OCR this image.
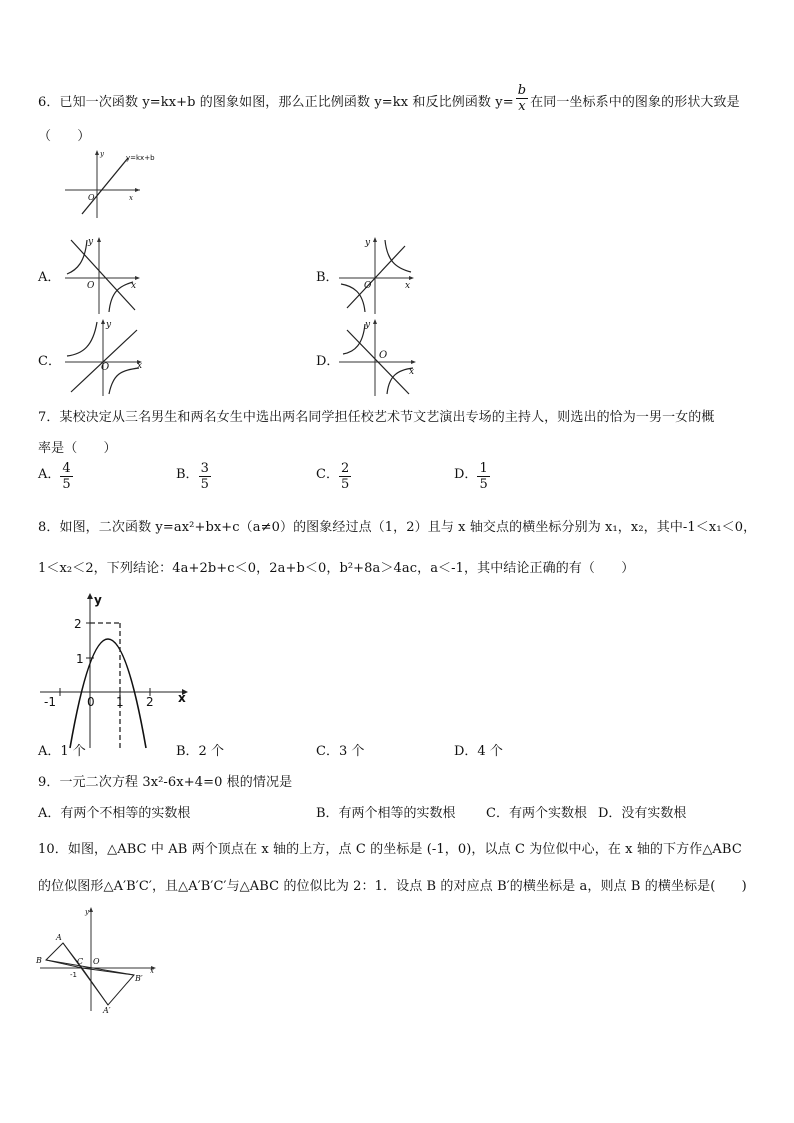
6．已知一次函数 y=kx+b 的图象如图，那么正比例函数 y=kx 和反比例函数 $y= \frac{b}{x}$ 在同一坐标系中的图象的形状大致是
（　　）
y
x
O
y=kx+b
A．
y
x
O
B．
y
x
O
C．
y
x
O	D．
y
x
O
7．某校决定从三名男生和两名女生中选出两名同学担任校艺术节文艺演出专场的主持人，则选出的恰为一男一女的概
率是（　　）
A． $\frac{4}{5}$	B． $\frac{3}{5}$	C． $\frac{2}{5}$	D． $\frac{1}{5}$
8．如图，二次函数 y=ax²+bx+c（a≠0）的图象经过点（1，2）且与 x 轴交点的横坐标分别为 x₁，x₂，其中-1＜x₁＜0，
1＜x₂＜2，下列结论：4a+2b+c＜0，2a+b＜0，b²+8a＞4ac，a＜-1，其中结论正确的有（　　）
y
x
2
1
-1	0 1 2
A．1 个	B．2 个	C．3 个	D．4 个
9．一元二次方程 3x²-6x+4=0 根的情况是
A．有两个不相等的实数根	B．有两个相等的实数根 C．有两个实数根 D．没有实数根
10．如图，△ABC 中 AB 两个顶点在 x 轴的上方，点 C 的坐标是 (-1，0)，以点 C 为位似中心，在 x 轴的下方作△ABC
的位似图形△A′B′C′，且△A′B′C′与△ABC 的位似比为 2：1．设点 B 的对应点 B′的横坐标是 a，则点 B 的横坐标是(　　)
A
B	C O
-1	B′
A′
x
y
